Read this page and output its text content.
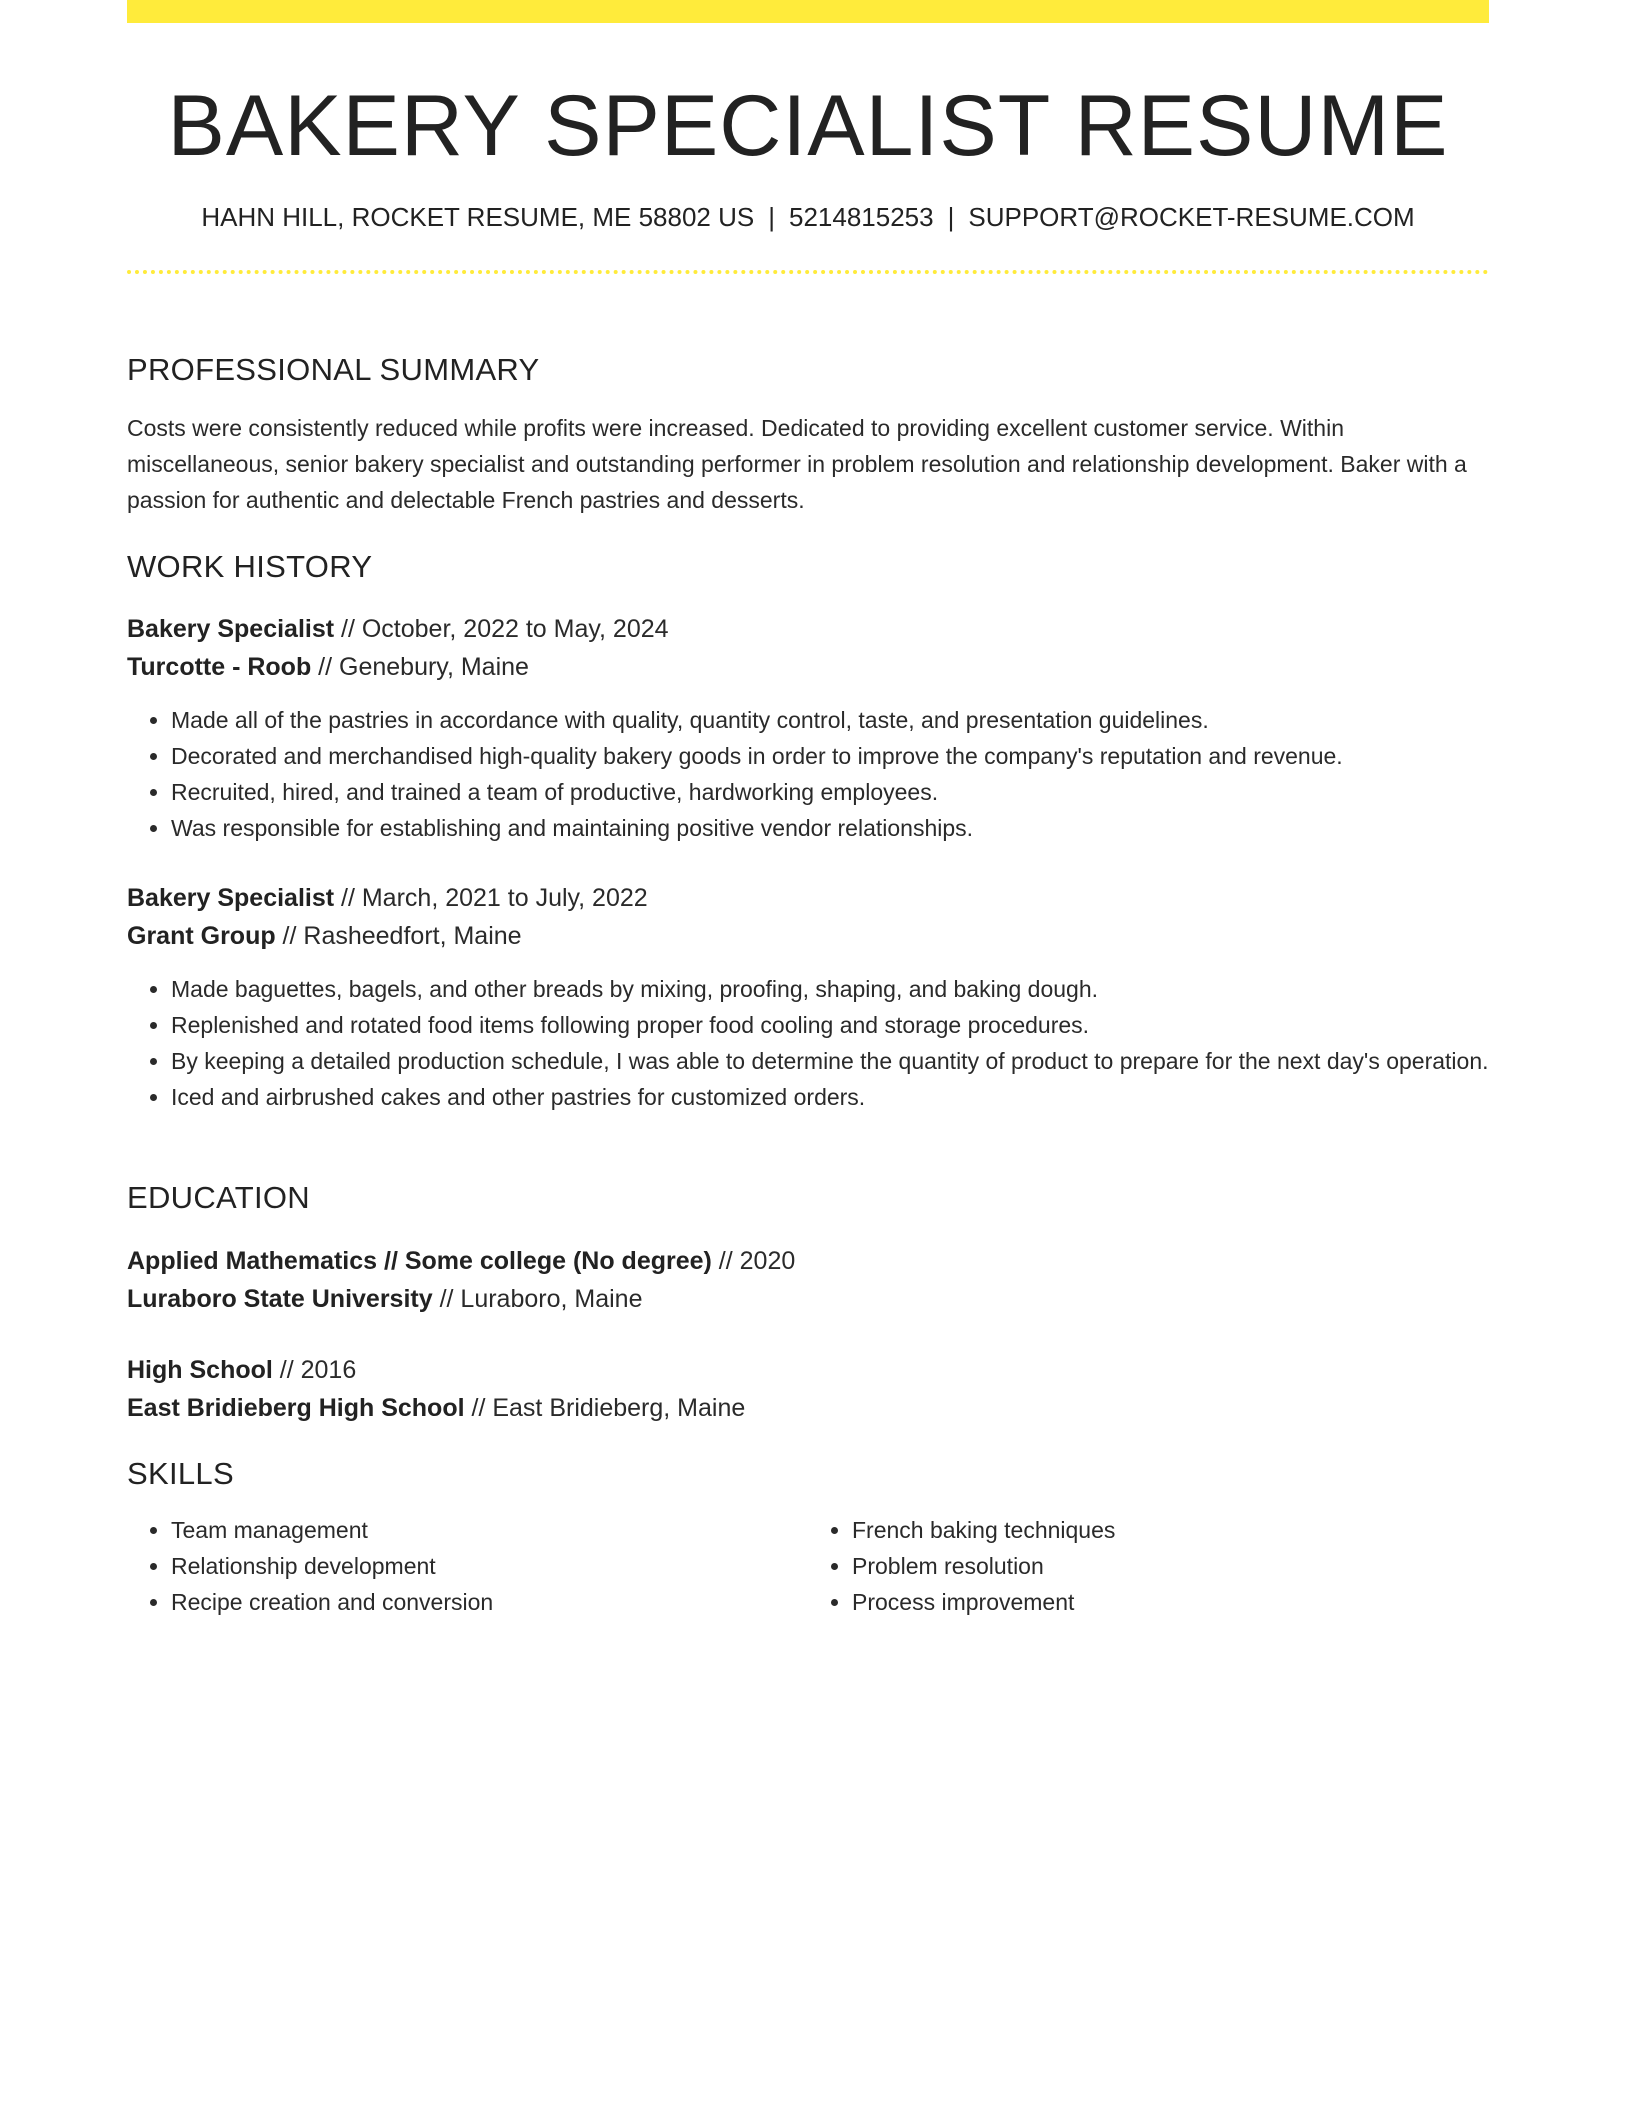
BAKERY SPECIALIST RESUME
HAHN HILL, ROCKET RESUME, ME 58802 US | 5214815253 | SUPPORT@ROCKET-RESUME.COM
PROFESSIONAL SUMMARY

Costs were consistently reduced while profits were increased. Dedicated to providing excellent customer service. Within miscellaneous, senior bakery specialist and outstanding performer in problem resolution and relationship development. Baker with a passion for authentic and delectable French pastries and desserts.

WORK HISTORY
Bakery Specialist // October, 2022 to May, 2024
Turcotte - Roob // Genebury, Maine
• Made all of the pastries in accordance with quality, quantity control, taste, and presentation guidelines.
• Decorated and merchandised high-quality bakery goods in order to improve the company's reputation and revenue.
• Recruited, hired, and trained a team of productive, hardworking employees.
• Was responsible for establishing and maintaining positive vendor relationships.
Bakery Specialist // March, 2021 to July, 2022
Grant Group // Rasheedfort, Maine
• Made baguettes, bagels, and other breads by mixing, proofing, shaping, and baking dough.
• Replenished and rotated food items following proper food cooling and storage procedures.
• By keeping a detailed production schedule, I was able to determine the quantity of product to prepare for the next day's operation.
• Iced and airbrushed cakes and other pastries for customized orders.
EDUCATION
Applied Mathematics // Some college (No degree) // 2020
Luraboro State University // Luraboro, Maine
High School // 2016
East Bridieberg High School // East Bridieberg, Maine
SKILLS
• Team management
• Relationship development
• Recipe creation and conversion
• French baking techniques
• Problem resolution
• Process improvement
